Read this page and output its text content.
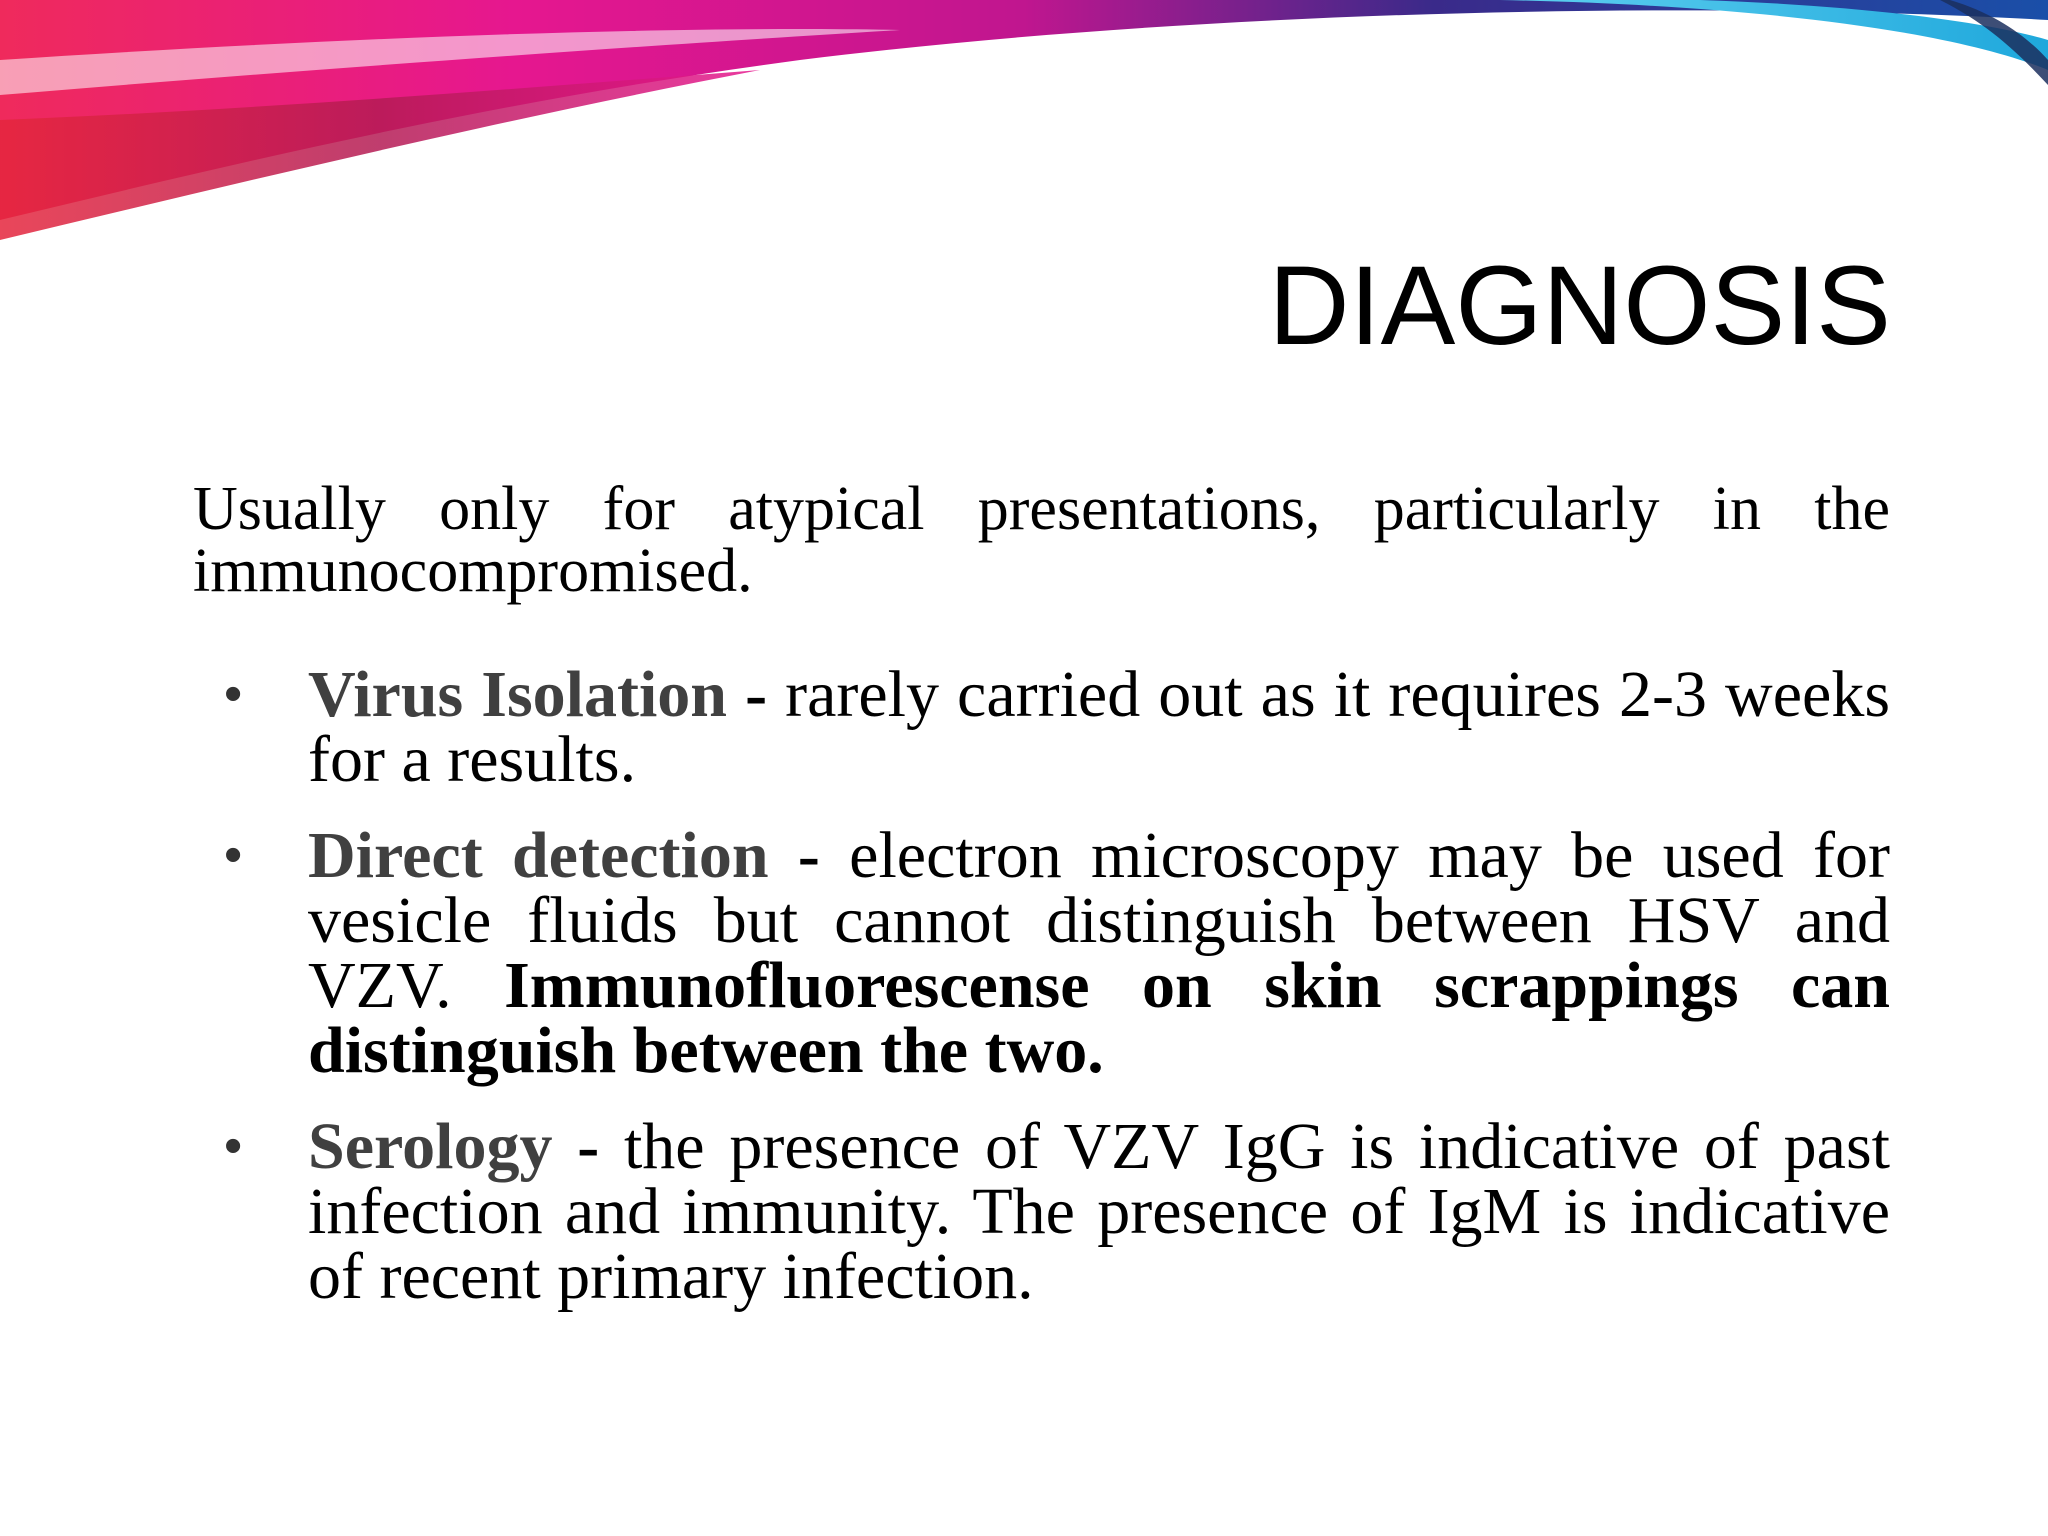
DIAGNOSIS

Usually only for atypical presentations, particularly in the immunocompromised.

• Virus Isolation - rarely carried out as it requires 2-3 weeks for a results.
• Direct detection - electron microscopy may be used for vesicle fluids but cannot distinguish between HSV and VZV. Immunofluorescense on skin scrappings can distinguish between the two.
• Serology - the presence of VZV IgG is indicative of past infection and immunity. The presence of IgM is indicative of recent primary infection.
